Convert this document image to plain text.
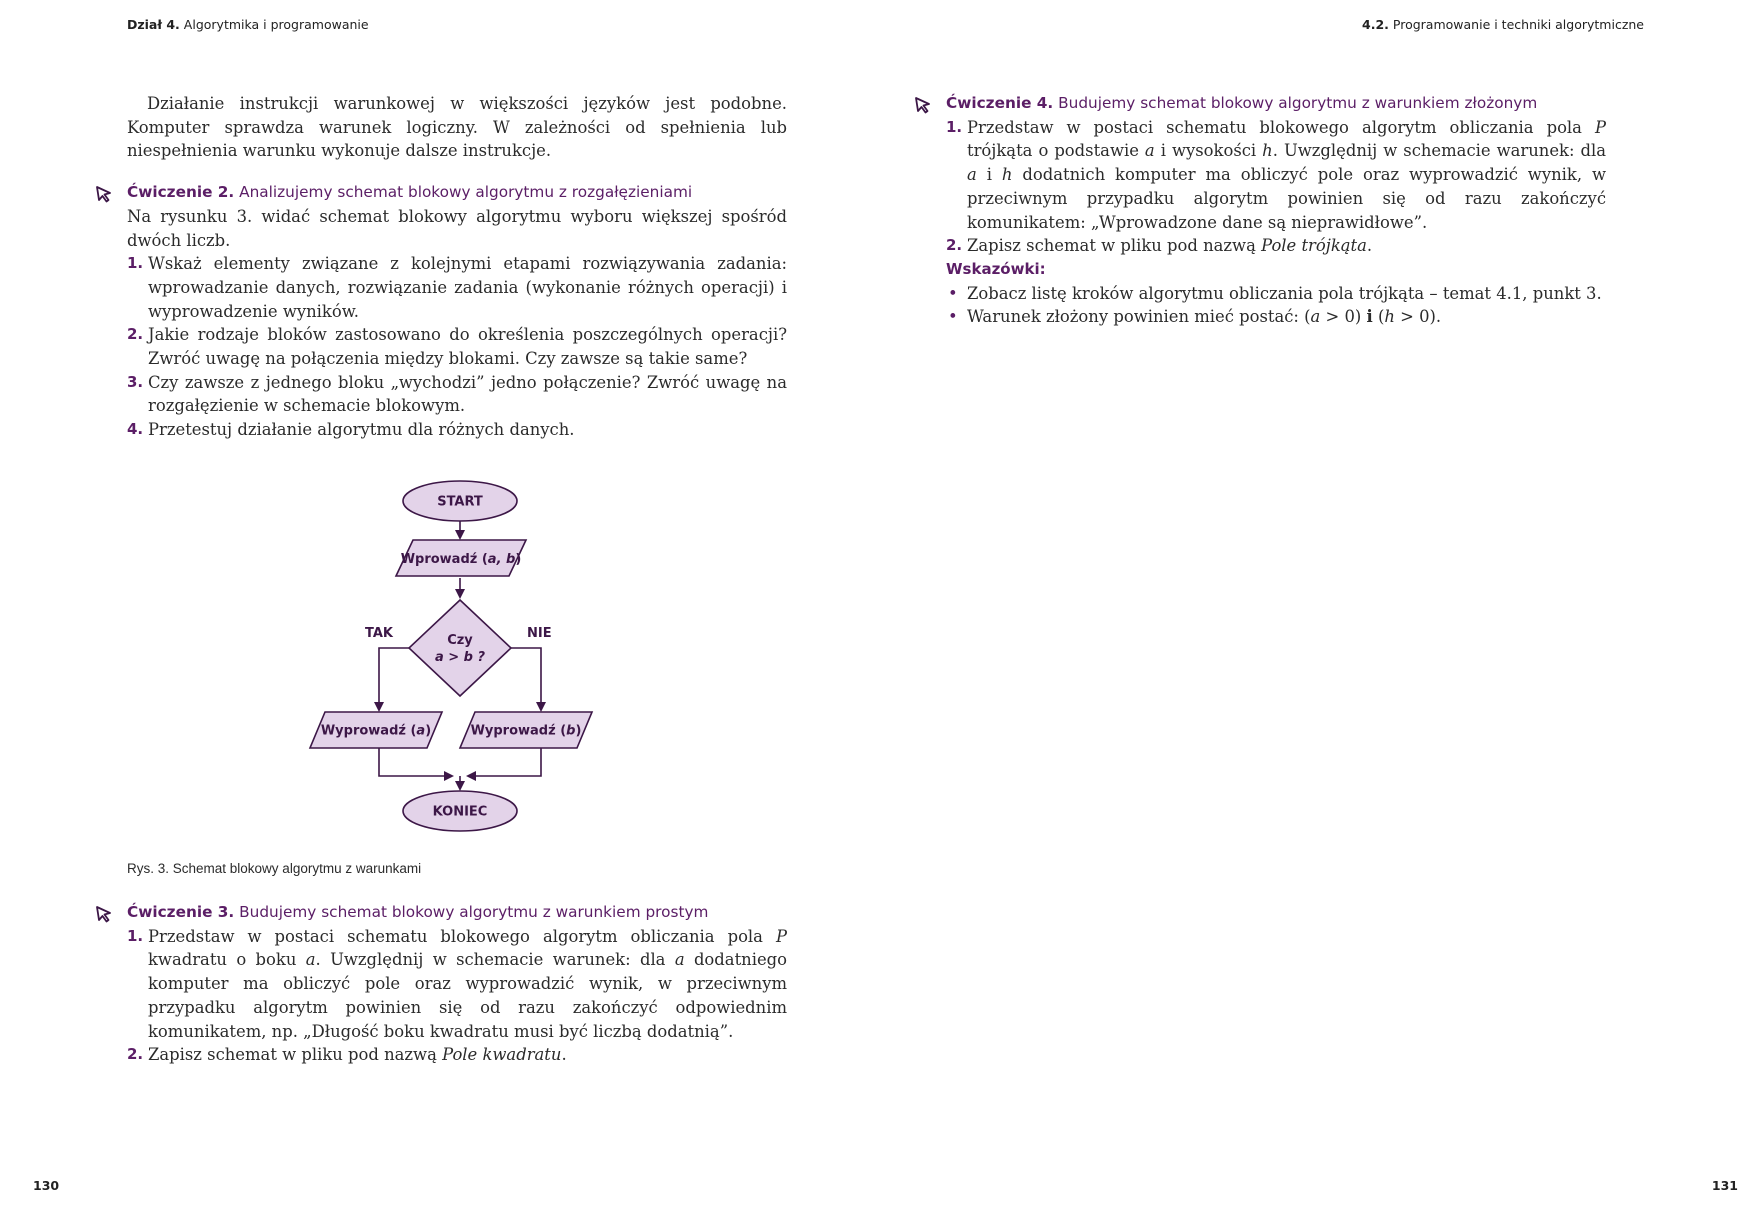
Dział 4. Algorytmika i programowanie

Działanie instrukcji warunkowej w większości języków jest podobne. Komputer sprawdza warunek logiczny. W zależności od spełnienia lub niespełnienia warunku wykonuje dalsze instrukcje.

Ćwiczenie 2. Analizujemy schemat blokowy algorytmu z rozgałęzieniami

Na rysunku 3. widać schemat blokowy algorytmu wyboru większej spośród dwóch liczb.

1. Wskaż elementy związane z kolejnymi etapami rozwiązywania zadania: wprowadzanie danych, rozwiązanie zadania (wykonanie różnych operacji) i wyprowadzenie wyników.
2. Jakie rodzaje bloków zastosowano do określenia poszczególnych operacji? Zwróć uwagę na połączenia między blokami. Czy zawsze są takie same?
3. Czy zawsze z jednego bloku „wychodzi” jedno połączenie? Zwróć uwagę na rozgałęzienie w schemacie blokowym.
4. Przetestuj działanie algorytmu dla różnych danych.
START
Wprowadź (a, b)
Czy
a > b ?
TAK	NIE
Wyprowadź (a)	Wyprowadź (b)
KONIEC
Rys. 3. Schemat blokowy algorytmu z warunkami
Ćwiczenie 3. Budujemy schemat blokowy algorytmu z warunkiem prostym
1. Przedstaw w postaci schematu blokowego algorytm obliczania pola P kwadratu o boku a. Uwzględnij w schemacie warunek: dla a dodatniego komputer ma obliczyć pole oraz wyprowadzić wynik, w przeciwnym przypadku algorytm powinien się od razu zakończyć odpowiednim komunikatem, np. „Długość boku kwadratu musi być liczbą dodatnią”.
2. Zapisz schemat w pliku pod nazwą Pole kwadratu.
130
4.2. Programowanie i techniki algorytmiczne
Ćwiczenie 4. Budujemy schemat blokowy algorytmu z warunkiem złożonym
1. Przedstaw w postaci schematu blokowego algorytm obliczania pola P trójkąta o podstawie a i wysokości h. Uwzględnij w schemacie warunek: dla a i h dodatnich komputer ma obliczyć pole oraz wyprowadzić wynik, w przeciwnym przypadku algorytm powinien się od razu zakończyć komunikatem: „Wprowadzone dane są nieprawidłowe”.
2. Zapisz schemat w pliku pod nazwą Pole trójkąta.
Wskazówki:
• Zobacz listę kroków algorytmu obliczania pola trójkąta – temat 4.1, punkt 3.
• Warunek złożony powinien mieć postać: (a > 0) i (h > 0).
131
